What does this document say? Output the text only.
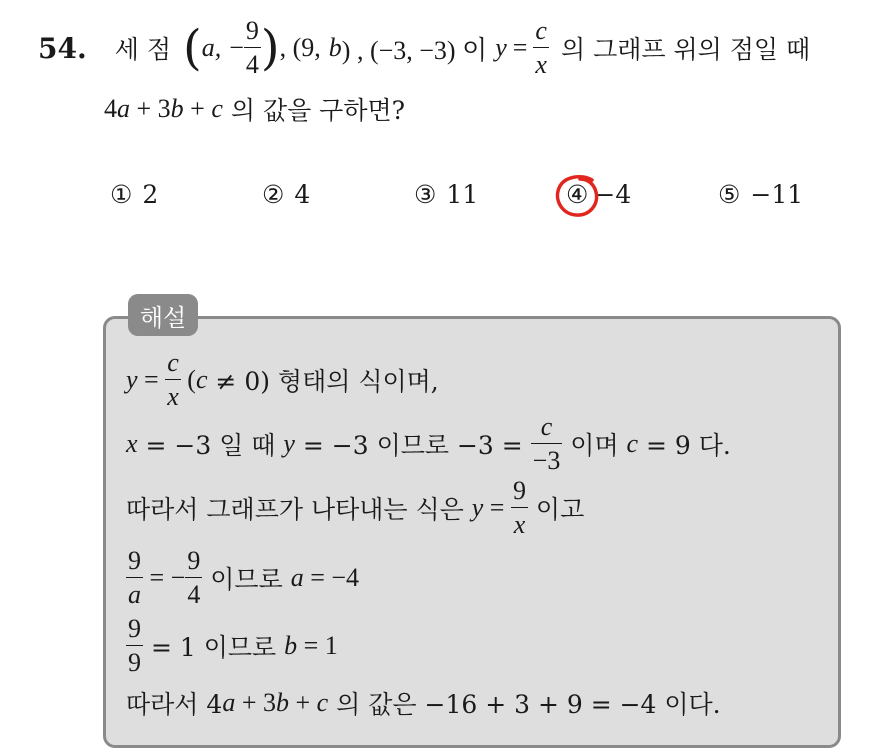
54. 세 점 ( a, − $\frac{9}{4}$ ) , (9, b ) , (−3, −3) 이 $y = \frac{c}{x}$ 의 그래프 위의 점일 때
4 a + 3 b + c 의 값을 구하면?
① 2	② 4	③ 11	④ −4	⑤ −11
해설
$y = \frac{c}{x}$ ( c ≠ 0) 형태의 식이며,
x = −3 일 때 y = −3 이므로 $-3 = \frac{c}{-3}$ 이며 c = 9 다.
따라서 그래프가 나타내는 식은 $y = \frac{9}{x}$ 이고
$\frac{9}{a}$ = − $\frac{9}{4}$ 이므로 a = −4
$\frac{9}{9} = 1$ 이므로 b = 1
따라서 4 a + 3 b + c 의 값은 −16 + 3 + 9 = −4 이다.
